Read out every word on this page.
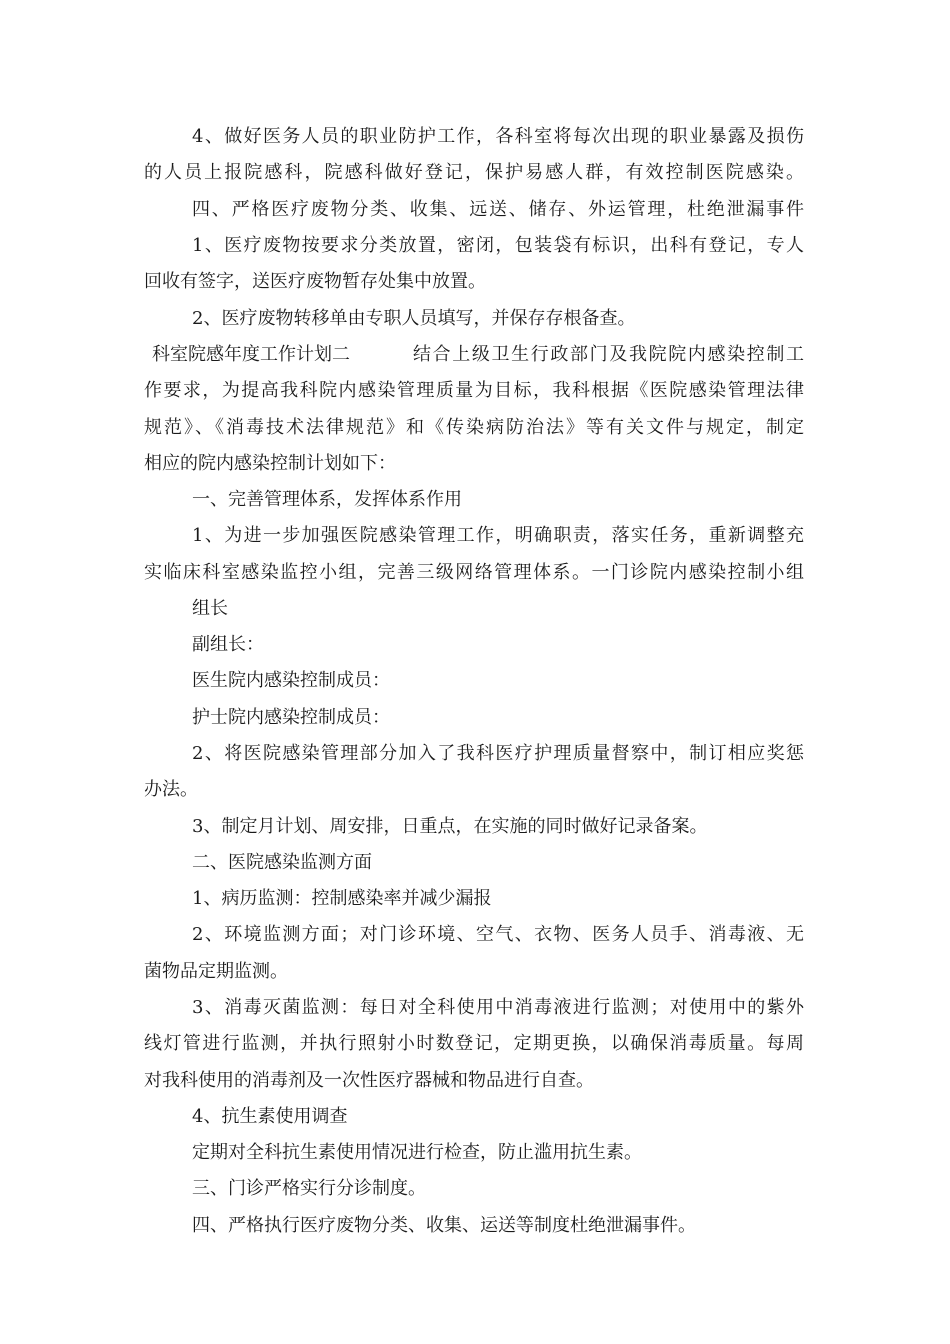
4、做好医务人员的职业防护工作，各科室将每次出现的职业暴露及损伤
的人员上报院感科，院感科做好登记，保护易感人群，有效控制医院感染。
四、严格医疗废物分类、收集、远送、储存、外运管理，杜绝泄漏事件
1、医疗废物按要求分类放置，密闭，包装袋有标识，出科有登记，专人
回收有签字，送医疗废物暂存处集中放置。
2、医疗废物转移单由专职人员填写，并保存存根备查。
科室院感年度工作计划二	结合上级卫生行政部门及我院院内感染控制工
作要求，为提高我科院内感染管理质量为目标，我科根据《医院感染管理法律
规范》、《消毒技术法律规范》和《传染病防治法》等有关文件与规定，制定
相应的院内感染控制计划如下：
一、完善管理体系，发挥体系作用
1、为进一步加强医院感染管理工作，明确职责，落实任务，重新调整充
实临床科室感染监控小组，完善三级网络管理体系。一门诊院内感染控制小组
组长
副组长：
医生院内感染控制成员：
护士院内感染控制成员：
2、将医院感染管理部分加入了我科医疗护理质量督察中，制订相应奖惩
办法。
3、制定月计划、周安排，日重点，在实施的同时做好记录备案。
二、医院感染监测方面
1、病历监测：控制感染率并减少漏报
2、环境监测方面；对门诊环境、空气、衣物、医务人员手、消毒液、无
菌物品定期监测。
3、消毒灭菌监测：每日对全科使用中消毒液进行监测；对使用中的紫外
线灯管进行监测，并执行照射小时数登记，定期更换，以确保消毒质量。每周
对我科使用的消毒剂及一次性医疗器械和物品进行自查。
4、抗生素使用调查
定期对全科抗生素使用情况进行检查，防止滥用抗生素。
三、门诊严格实行分诊制度。
四、严格执行医疗废物分类、收集、运送等制度杜绝泄漏事件。
